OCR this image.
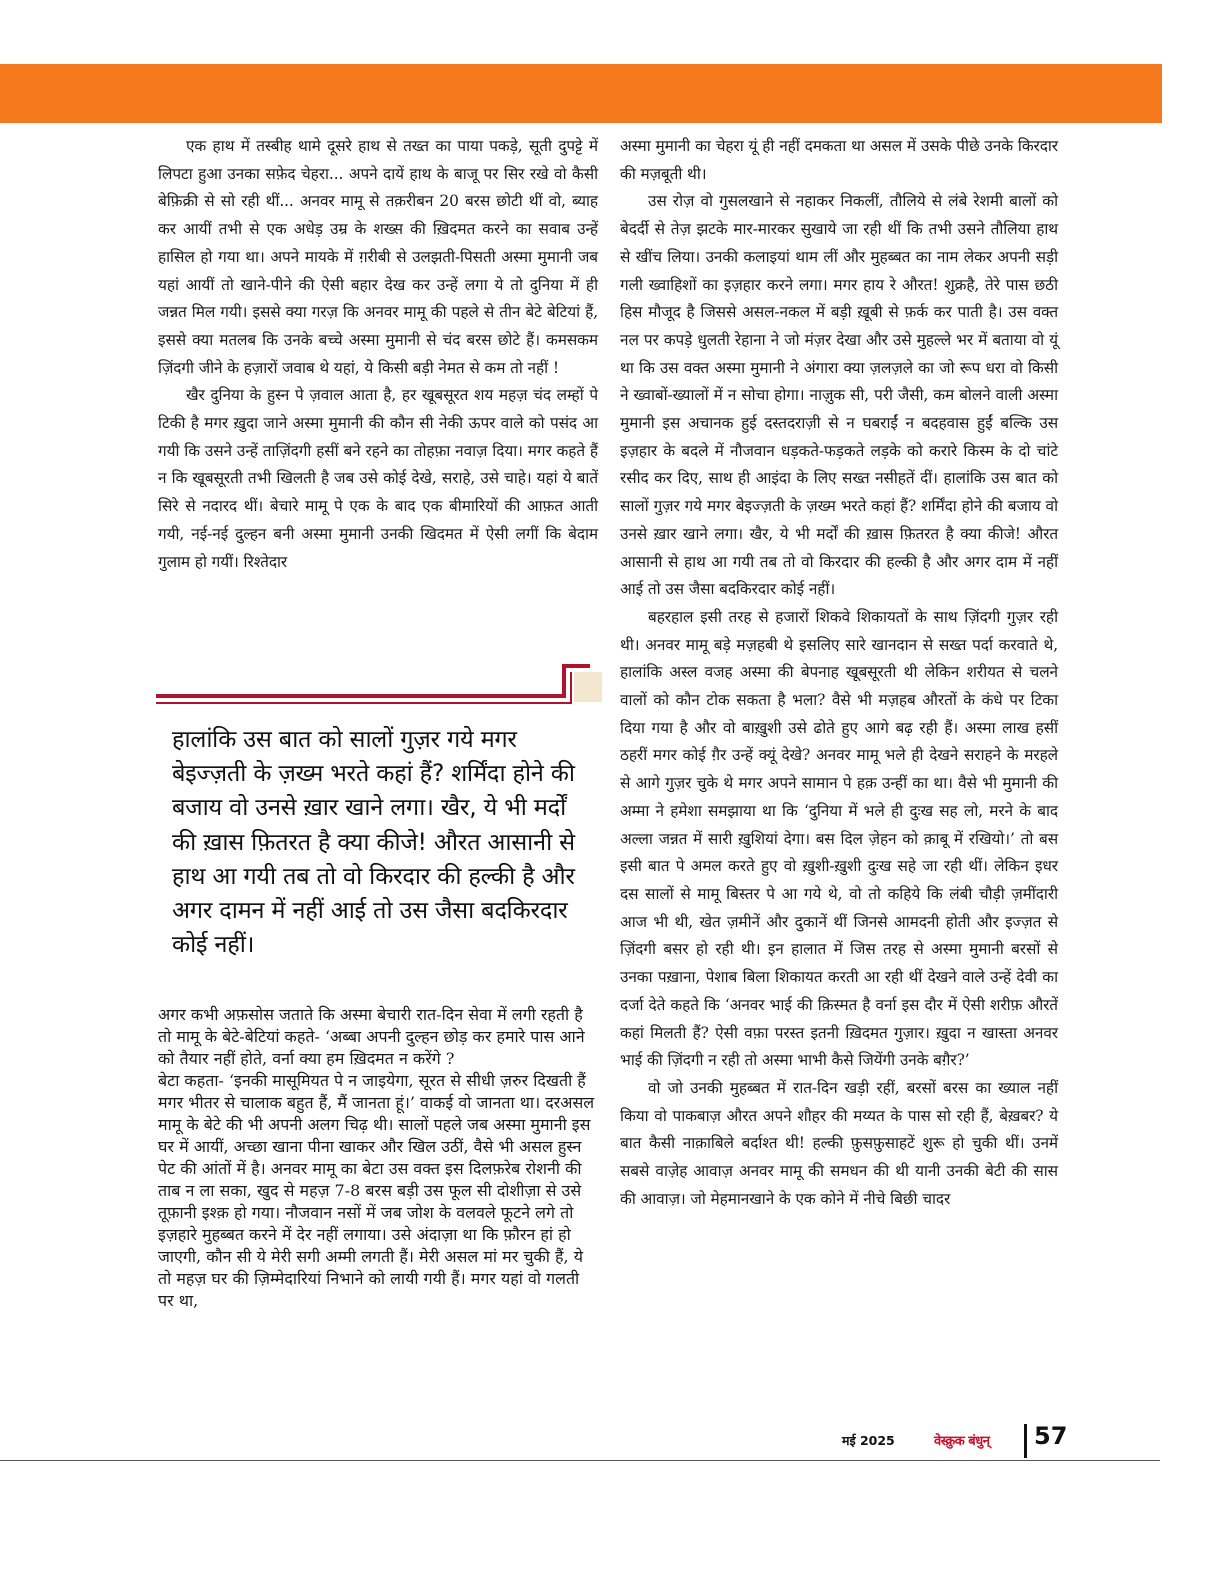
एक हाथ में तस्बीह थामे दूसरे हाथ से तख्त का पाया पकड़े, सूती दुपट्टे में लिपटा हुआ उनका सफ़ेद चेहरा... अपने दायें हाथ के बाजू पर सिर रखे वो कैसी बेफ़िक्री से सो रही थीं... अनवर मामू से तक़रीबन 20 बरस छोटी थीं वो, ब्याह कर आयीं तभी से एक अधेड़ उम्र के शख्स की ख़िदमत करने का सवाब उन्हें हासिल हो गया था। अपने मायके में ग़रीबी से उलझती-पिसती अस्मा मुमानी जब यहां आयीं तो खाने-पीने की ऐसी बहार देख कर उन्हें लगा ये तो दुनिया में ही जन्नत मिल गयी। इससे क्या गरज़ कि अनवर मामू की पहले से तीन बेटे बेटियां हैं, इससे क्या मतलब कि उनके बच्चे अस्मा मुमानी से चंद बरस छोटे हैं। कमसकम ज़िंदगी जीने के हज़ारों जवाब थे यहां, ये किसी बड़ी नेमत से कम तो नहीं !

खैर दुनिया के हुस्न पे ज़वाल आता है, हर खूबसूरत शय महज़ चंद लम्हों पे टिकी है मगर ख़ुदा जाने अस्मा मुमानी की कौन सी नेकी ऊपर वाले को पसंद आ गयी कि उसने उन्हें ताज़िंदगी हसीं बने रहने का तोहफ़ा नवाज़ दिया। मगर कहते हैं न कि खूबसूरती तभी खिलती है जब उसे कोई देखे, सराहे, उसे चाहे। यहां ये बातें सिरे से नदारद थीं। बेचारे मामू पे एक के बाद एक बीमारियों की आफ़त आती गयी, नई-नई दुल्हन बनी अस्मा मुमानी उनकी खिदमत में ऐसी लगीं कि बेदाम गुलाम हो गयीं। रिश्तेदार

हालांकि उस बात को सालों गुज़र गये मगर बेइज्ज़ती के ज़ख्म भरते कहां हैं? शर्मिंदा होने की बजाय वो उनसे ख़ार खाने लगा। खैर, ये भी मर्दों की ख़ास फ़ितरत है क्या कीजे! औरत आसानी से हाथ आ गयी तब तो वो किरदार की हल्की है और अगर दामन में नहीं आई तो उस जैसा बदकिरदार कोई नहीं।

अगर कभी अफ़सोस जताते कि अस्मा बेचारी रात-दिन सेवा में लगी रहती है तो मामू के बेटे-बेटियां कहते- ‘अब्बा अपनी दुल्हन छोड़ कर हमारे पास आने को तैयार नहीं होते, वर्ना क्या हम ख़िदमत न करेंगे ?

बेटा कहता- ‘इनकी मासूमियत पे न जाइयेगा, सूरत से सीधी ज़रुर दिखती हैं मगर भीतर से चालाक बहुत हैं, मैं जानता हूं।’ वाकई वो जानता था। दरअसल मामू के बेटे की भी अपनी अलग चिढ़ थी। सालों पहले जब अस्मा मुमानी इस घर में आयीं, अच्छा खाना पीना खाकर और खिल उठीं, वैसे भी असल हुस्न पेट की आंतों में है। अनवर मामू का बेटा उस वक्त इस दिलफ़रेब रोशनी की ताब न ला सका, खुद से महज़ 7-8 बरस बड़ी उस फूल सी दोशीज़ा से उसे तूफ़ानी इश्क़ हो गया। नौजवान नसों में जब जोश के वलवले फूटने लगे तो इज़हारे मुहब्बत करने में देर नहीं लगाया। उसे अंदाज़ा था कि फ़ौरन हां हो जाएगी, कौन सी ये मेरी सगी अम्मी लगती हैं। मेरी असल मां मर चुकी हैं, ये तो महज़ घर की ज़िम्मेदारियां निभाने को लायी गयी हैं। मगर यहां वो गलती पर था,

अस्मा मुमानी का चेहरा यूं ही नहीं दमकता था असल में उसके पीछे उनके किरदार की मज़बूती थी।

उस रोज़ वो गुसलखाने से नहाकर निकलीं, तौलिये से लंबे रेशमी बालों को बेदर्दी से तेज़ झटके मार-मारकर सुखाये जा रही थीं कि तभी उसने तौलिया हाथ से खींच लिया। उनकी कलाइयां थाम लीं और मुहब्बत का नाम लेकर अपनी सड़ी गली ख्वाहिशों का इज़हार करने लगा। मगर हाय रे औरत! शुक्रहै, तेरे पास छठी हिस मौजूद है जिससे असल-नकल में बड़ी ख़ूबी से फ़र्क कर पाती है। उस वक्त नल पर कपड़े धुलती रेहाना ने जो मंज़र देखा और उसे मुहल्ले भर में बताया वो यूं था कि उस वक्त अस्मा मुमानी ने अंगारा क्या ज़लज़ले का जो रूप धरा वो किसी ने ख्वाबों-ख्यालों में न सोचा होगा। नाज़ुक सी, परी जैसी, कम बोलने वाली अस्मा मुमानी इस अचानक हुई दस्तदराज़ी से न घबराईं न बदहवास हुईं बल्कि उस इज़हार के बदले में नौजवान धड़कते-फड़कते लड़के को करारे किस्म के दो चांटे रसीद कर दिए, साथ ही आइंदा के लिए सख्त नसीहतें दीं। हालांकि उस बात को सालों गुज़र गये मगर बेइज्ज़ती के ज़ख्म भरते कहां हैं? शर्मिंदा होने की बजाय वो उनसे ख़ार खाने लगा। खैर, ये भी मर्दों की ख़ास फ़ितरत है क्या कीजे! औरत आसानी से हाथ आ गयी तब तो वो किरदार की हल्की है और अगर दाम में नहीं आई तो उस जैसा बदकिरदार कोई नहीं।

बहरहाल इसी तरह से हजारों शिकवे शिकायतों के साथ ज़िंदगी गुज़र रही थी। अनवर मामू बड़े मज़हबी थे इसलिए सारे खानदान से सख्त पर्दा करवाते थे, हालांकि अस्ल वजह अस्मा की बेपनाह खूबसूरती थी लेकिन शरीयत से चलने वालों को कौन टोक सकता है भला? वैसे भी मज़हब औरतों के कंधे पर टिका दिया गया है और वो बाख़ुशी उसे ढोते हुए आगे बढ़ रही हैं। अस्मा लाख हसीं ठहरीं मगर कोई ग़ैर उन्हें क्यूं देखे? अनवर मामू भले ही देखने सराहने के मरहले से आगे गुज़र चुके थे मगर अपने सामान पे हक़ उन्हीं का था। वैसे भी मुमानी की अम्मा ने हमेशा समझाया था कि ‘दुनिया में भले ही दुःख सह लो, मरने के बाद अल्ला जन्नत में सारी ख़ुशियां देगा। बस दिल ज़ेहन को क़ाबू में रखियो।’ तो बस इसी बात पे अमल करते हुए वो ख़ुशी-ख़ुशी दुःख सहे जा रही थीं। लेकिन इधर दस सालों से मामू बिस्तर पे आ गये थे, वो तो कहिये कि लंबी चौड़ी ज़मींदारी आज भी थी, खेत ज़मीनें और दुकानें थीं जिनसे आमदनी होती और इज्ज़त से ज़िंदगी बसर हो रही थी। इन हालात में जिस तरह से अस्मा मुमानी बरसों से उनका पख़ाना, पेशाब बिला शिकायत करती आ रही थीं देखने वाले उन्हें देवी का दर्जा देते कहते कि ‘अनवर भाई की क़िस्मत है वर्ना इस दौर में ऐसी शरीफ़ औरतें कहां मिलती हैं? ऐसी वफ़ा परस्त इतनी ख़िदमत गुज़ार। ख़ुदा न खास्ता अनवर भाई की ज़िंदगी न रही तो अस्मा भाभी कैसे जियेंगी उनके बग़ैर?’

वो जो उनकी मुहब्बत में रात-दिन खड़ी रहीं, बरसों बरस का ख्याल नहीं किया वो पाकबाज़ औरत अपने शौहर की मय्यत के पास सो रही हैं, बेख़बर? ये बात कैसी नाक़ाबिले बर्दाश्त थी! हल्की फ़ुसफ़ुसाहटें शुरू हो चुकी थीं। उनमें सबसे वाज़ेह आवाज़ अनवर मामू की समधन की थी यानी उनकी बेटी की सास की आवाज़। जो मेहमानखाने के एक कोने में नीचे बिछी चादर

मई 2025	वेस्क्रुक बंधुन् 57
